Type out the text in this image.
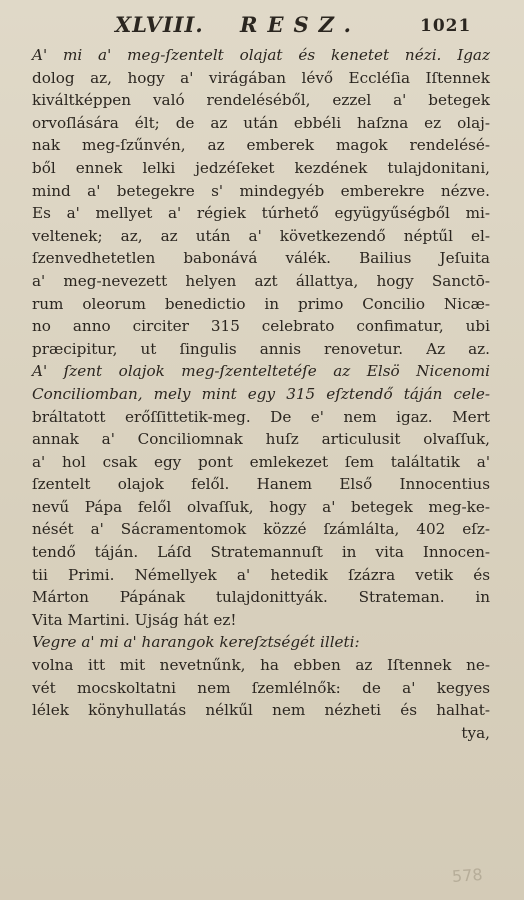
XLVIII. RESZ.	1021
A' mi a' meg-ſzentelt olajat és kenetet nézi. Igaz
dolog az, hogy a' virágában lévő Eccléſia Iſtennek
kiváltképpen való rendeléséből, ezzel a' betegek
orvoſlására élt; de az után ebbéli haſzna ez olaj-
nak meg-ſzűnvén, az emberek magok rendelésé-
ből ennek lelki jedzéſeket kezdének tulajdonitani,
mind a' betegekre s' mindegyéb emberekre nézve.
Es a' mellyet a' régiek túrhető együgyűségből mi-
veltenek; az, az után a' következendő néptűl el-
ſzenvedhetetlen babonává válék. Bailius Jeſuita
a' meg-nevezett helyen azt állattya, hogy Sanctō-
rum oleorum benedictio in primo Concilio Nicæ-
no anno circiter 315 celebrato confimatur, ubi
præcipitur, ut ſingulis annis renovetur. Az az.
A' ſzent olajok meg-ſzenteltetéſe az Elsö Nicenomi
Conciliomban, mely mint egy 315 eſztendő táján cele-
bráltatott erőſſittetik-meg. De e' nem igaz. Mert
annak a' Conciliomnak huſz articulusit olvaſſuk,
a' hol csak egy pont emlekezet ſem találtatik a'
ſzentelt olajok felől. Hanem Első Innocentius
nevű Pápa felől olvaſſuk, hogy a' betegek meg-ke-
nését a' Sácramentomok közzé ſzámlálta, 402 eſz-
tendő táján. Láſd Stratemannuſt in vita Innocen-
tii Primi. Némellyek a' hetedik ſzázra vetik és
Márton Pápának tulajdonittyák. Strateman. in
Vita Martini. Ujság hát ez!
Vegre a' mi a' harangok kereſztségét illeti:
volna itt mit nevetnűnk, ha ebben az Iſtennek ne-
vét mocskoltatni nem ſzemlélnők: de a' kegyes
lélek könyhullatás nélkűl nem nézheti és halhat-
tya,
578
